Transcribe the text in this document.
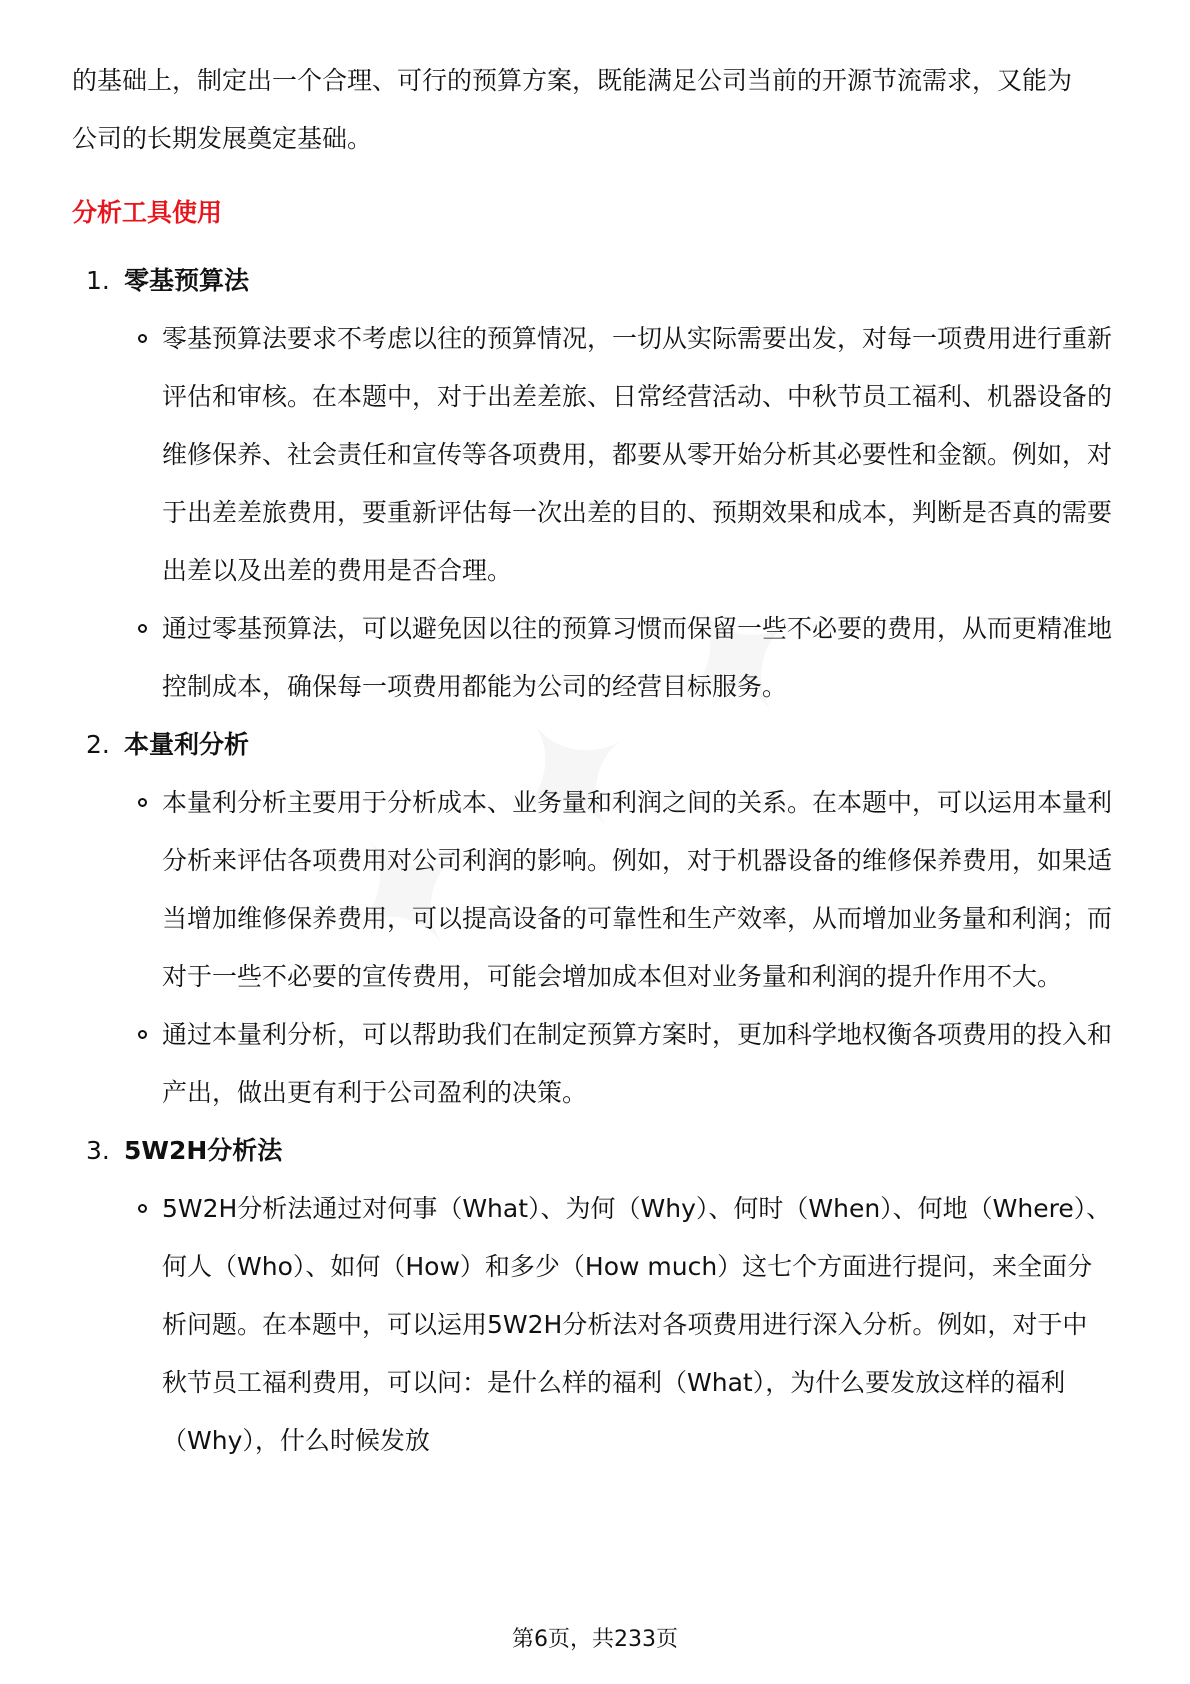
的基础上，制定出一个合理、可行的预算方案，既能满足公司当前的开源节流需求，又能为公司的长期发展奠定基础。

分析工具使用
1. 零基预算法
零基预算法要求不考虑以往的预算情况，一切从实际需要出发，对每一项费用进行重新评估和审核。在本题中，对于出差差旅、日常经营活动、中秋节员工福利、机器设备的维修保养、社会责任和宣传等各项费用，都要从零开始分析其必要性和金额。例如，对于出差差旅费用，要重新评估每一次出差的目的、预期效果和成本，判断是否真的需要出差以及出差的费用是否合理。
通过零基预算法，可以避免因以往的预算习惯而保留一些不必要的费用，从而更精准地控制成本，确保每一项费用都能为公司的经营目标服务。
2. 本量利分析
本量利分析主要用于分析成本、业务量和利润之间的关系。在本题中，可以运用本量利分析来评估各项费用对公司利润的影响。例如，对于机器设备的维修保养费用，如果适当增加维修保养费用，可以提高设备的可靠性和生产效率，从而增加业务量和利润；而对于一些不必要的宣传费用，可能会增加成本但对业务量和利润的提升作用不大。
通过本量利分析，可以帮助我们在制定预算方案时，更加科学地权衡各项费用的投入和产出，做出更有利于公司盈利的决策。
3. 5W2H分析法
5W2H分析法通过对何事（What）、为何（Why）、何时（When）、何地（Where）、何人（Who）、如何（How）和多少（How much）这七个方面进行提问，来全面分析问题。在本题中，可以运用5W2H分析法对各项费用进行深入分析。例如，对于中秋节员工福利费用，可以问：是什么样的福利（What），为什么要发放这样的福利（Why），什么时候发放
第6页，共233页
